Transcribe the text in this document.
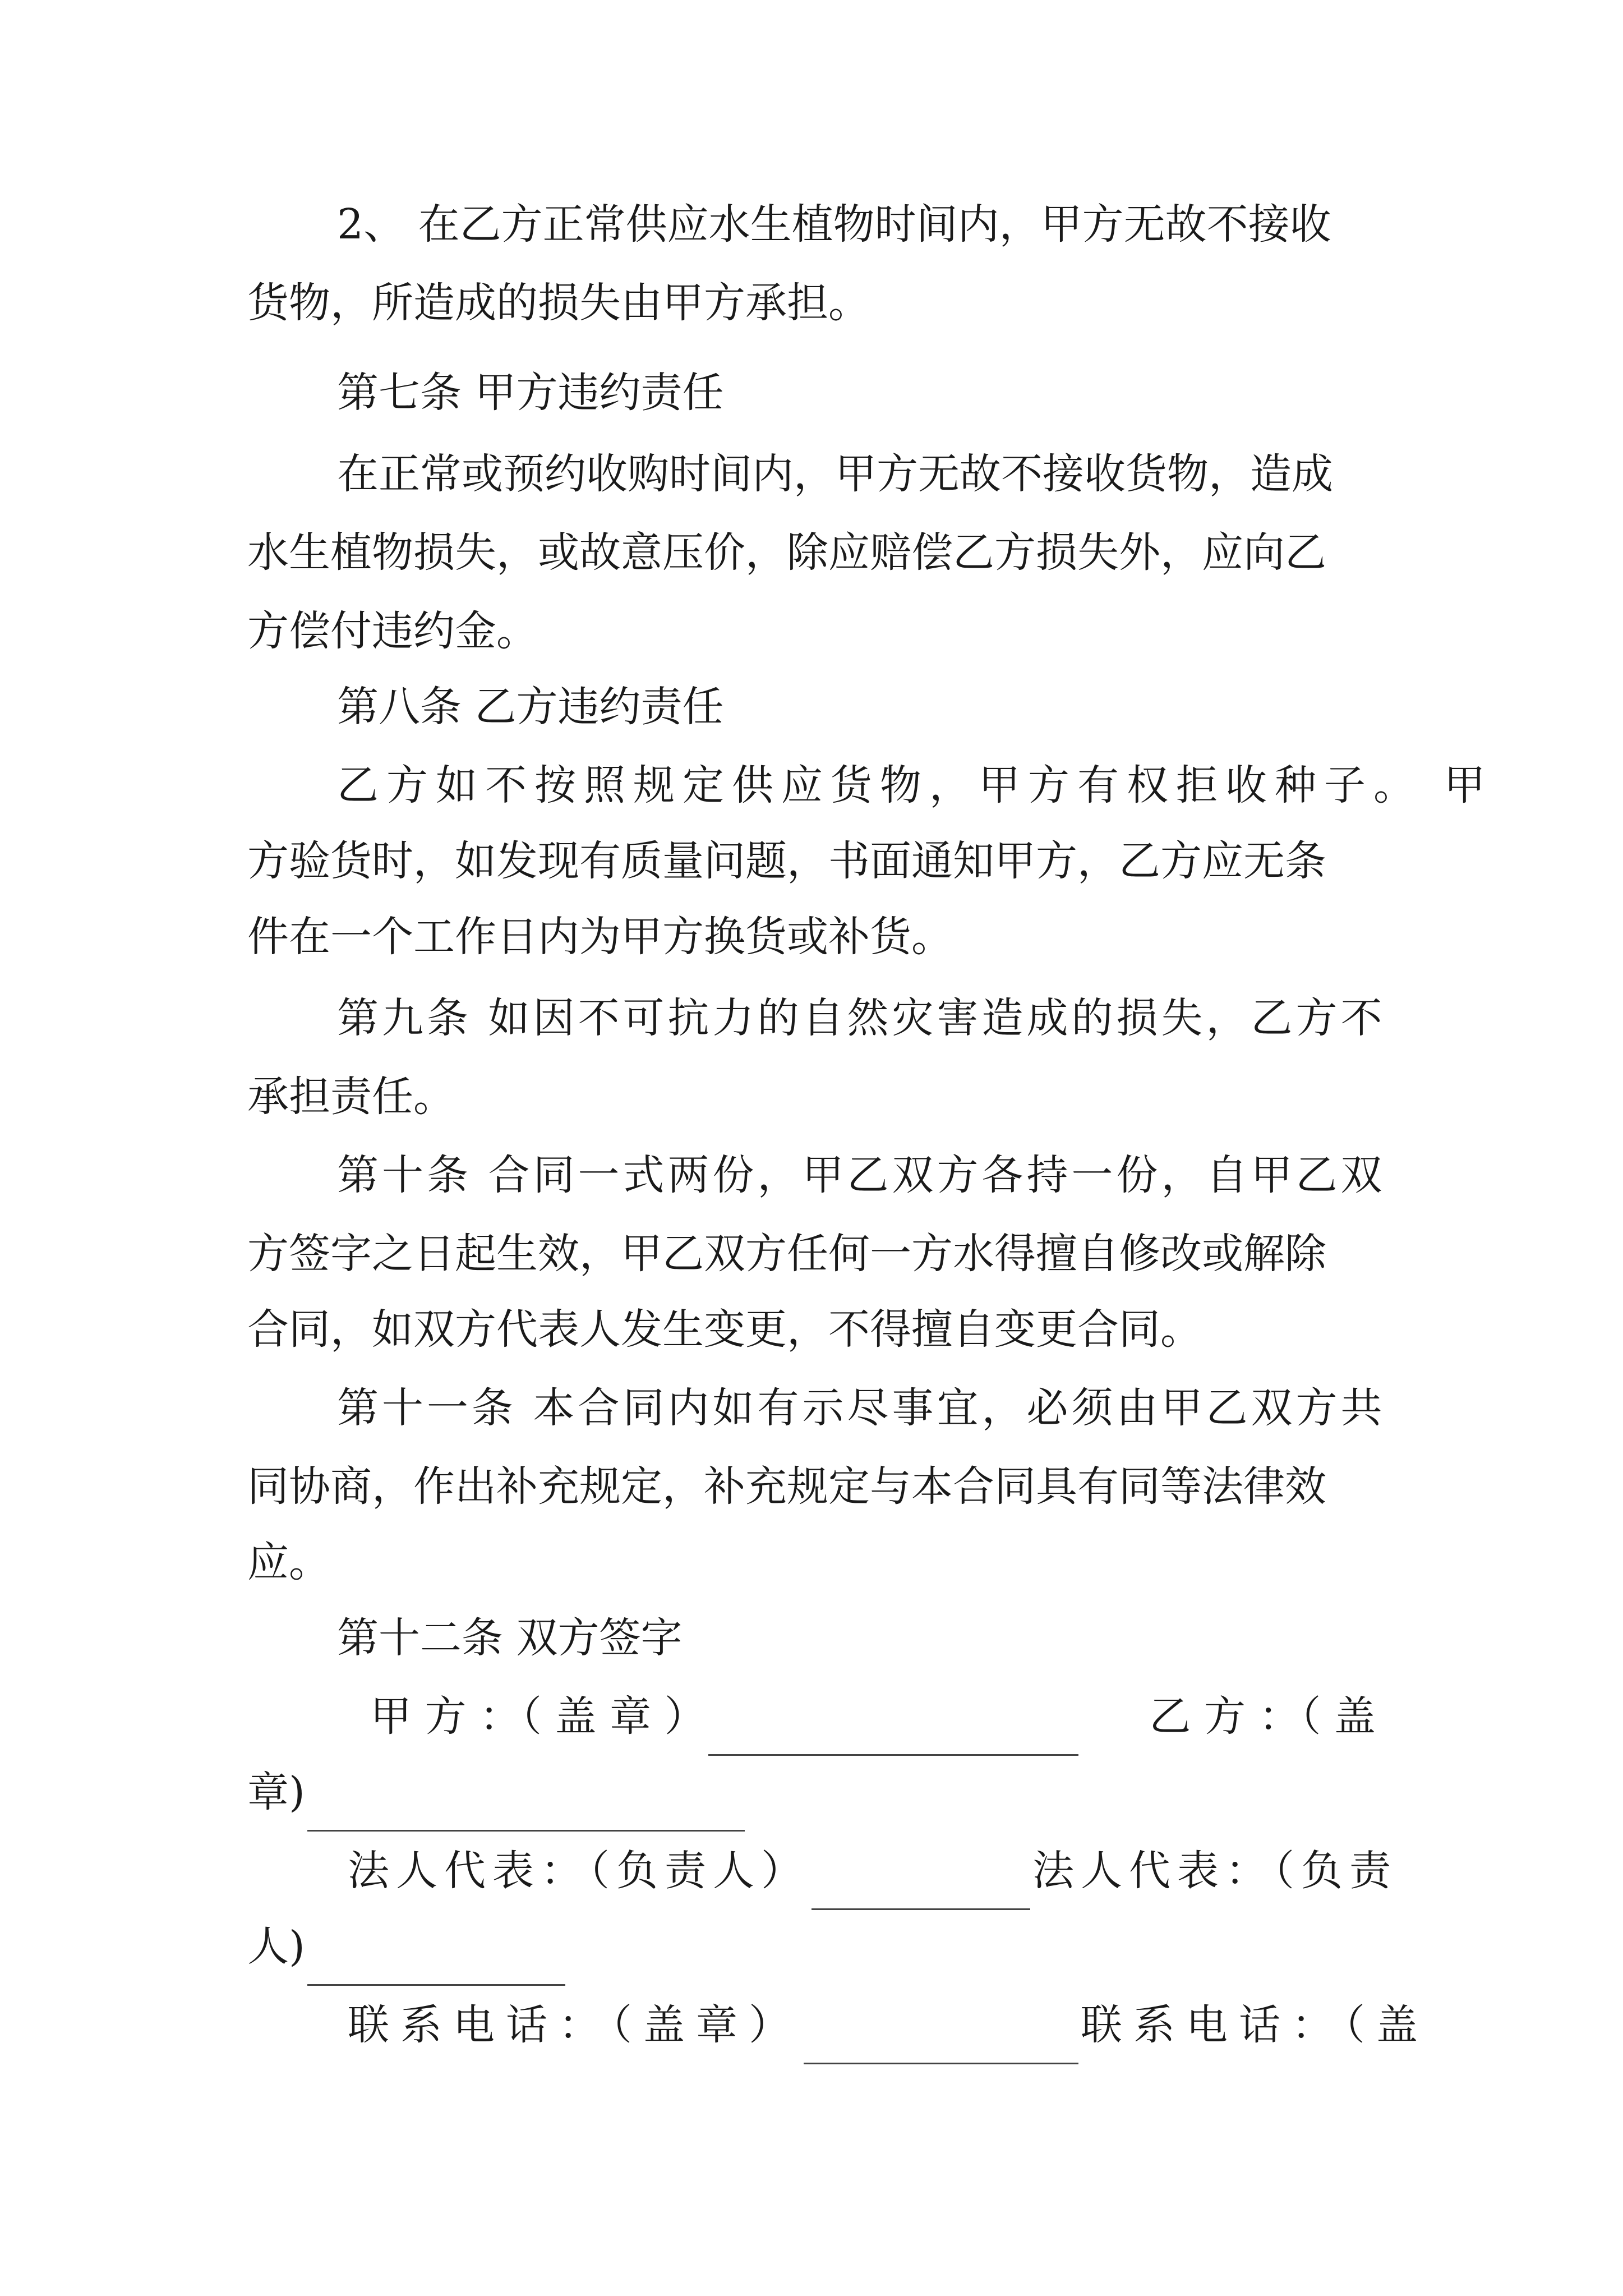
2、 在乙方正常供应水生植物时间内，甲方无故不接收
货物，所造成的损失由甲方承担。
第七条 甲方违约责任
在正常或预约收购时间内，甲方无故不接收货物，造成
水生植物损失，或故意压价，除应赔偿乙方损失外，应向乙
方偿付违约金。
第八条 乙方违约责任
乙方如不按照规定供应货物，甲方有权拒收种子。 甲
方验货时，如发现有质量问题，书面通知甲方，乙方应无条
件在一个工作日内为甲方换货或补货。
第九条 如因不可抗力的自然灾害造成的损失，乙方不
承担责任。
第十条 合同一式两份，甲乙双方各持一份，自甲乙双
方签字之日起生效，甲乙双方任何一方水得擅自修改或解除
合同，如双方代表人发生变更，不得擅自变更合同。
第十一条 本合同内如有示尽事宜，必须由甲乙双方共
同协商，作出补充规定，补充规定与本合同具有同等法律效
应。
第十二条 双方签字
甲 方 ：（ 盖 章 ）	乙 方 ：（ 盖
章)
法人代表：（负责人）	法人代表：（负责
人)
联系电话：（盖章）	联系电话：（盖
